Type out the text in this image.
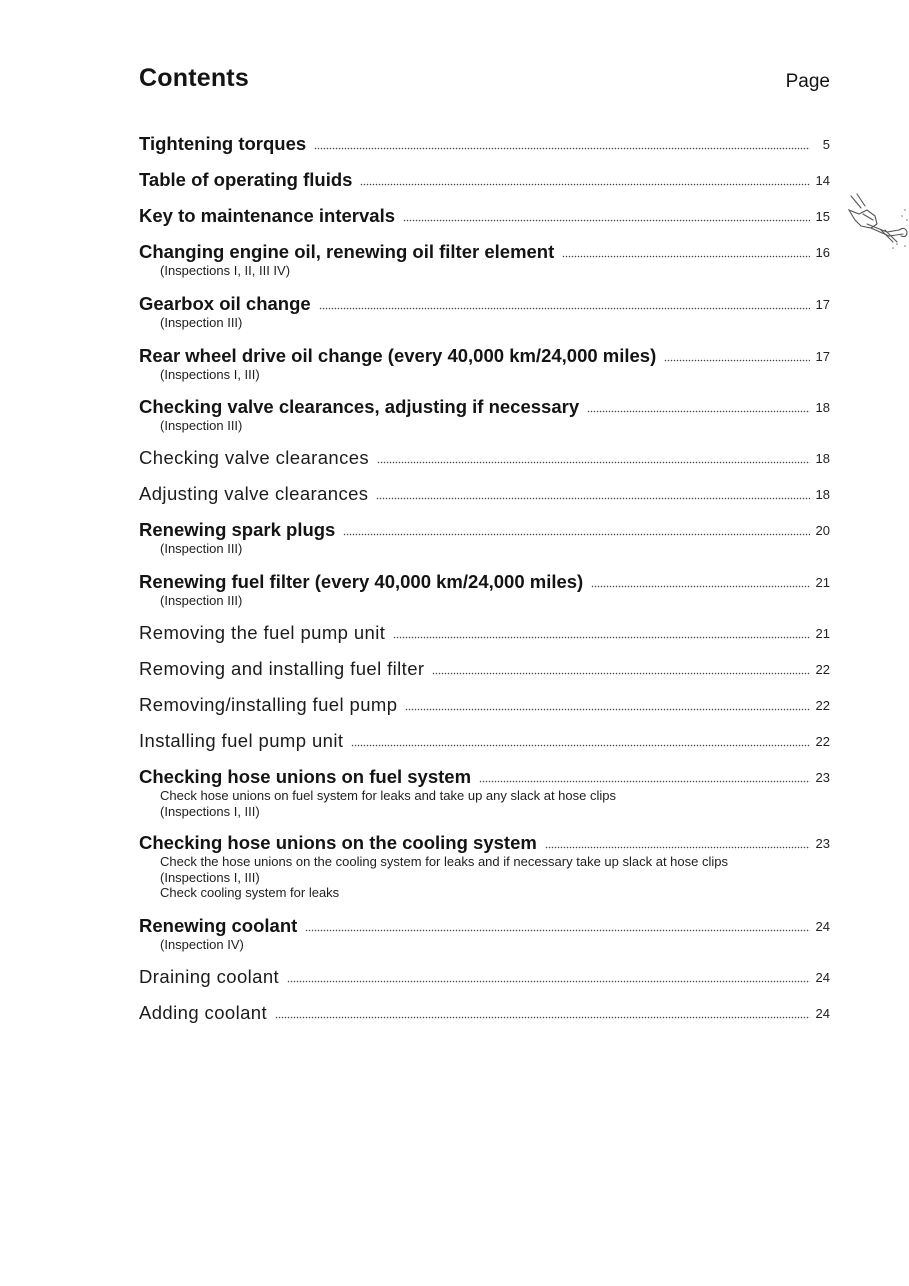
Contents	Page
Tightening torques	5
Table of operating fluids	14
Key to maintenance intervals	15
Changing engine oil, renewing oil filter element	16
(Inspections I, II, III IV)
Gearbox oil change	17
(Inspection III)
Rear wheel drive oil change (every 40,000 km/24,000 miles)	17
(Inspections I, III)
Checking valve clearances, adjusting if necessary	18
(Inspection III)
Checking valve clearances	18
Adjusting valve clearances	18
Renewing spark plugs	20
(Inspection III)
Renewing fuel filter (every 40,000 km/24,000 miles)	21
(Inspection III)
Removing the fuel pump unit	21
Removing and installing fuel filter	22
Removing/installing fuel pump	22
Installing fuel pump unit	22
Checking hose unions on fuel system	23
Check hose unions on fuel system for leaks and take up any slack at hose clips
(Inspections I, III)
Checking hose unions on the cooling system	23
Check the hose unions on the cooling system for leaks and if necessary take up slack at hose clips
(Inspections I, III)
Check cooling system for leaks
Renewing coolant	24
(Inspection IV)
Draining coolant	24
Adding coolant	24
